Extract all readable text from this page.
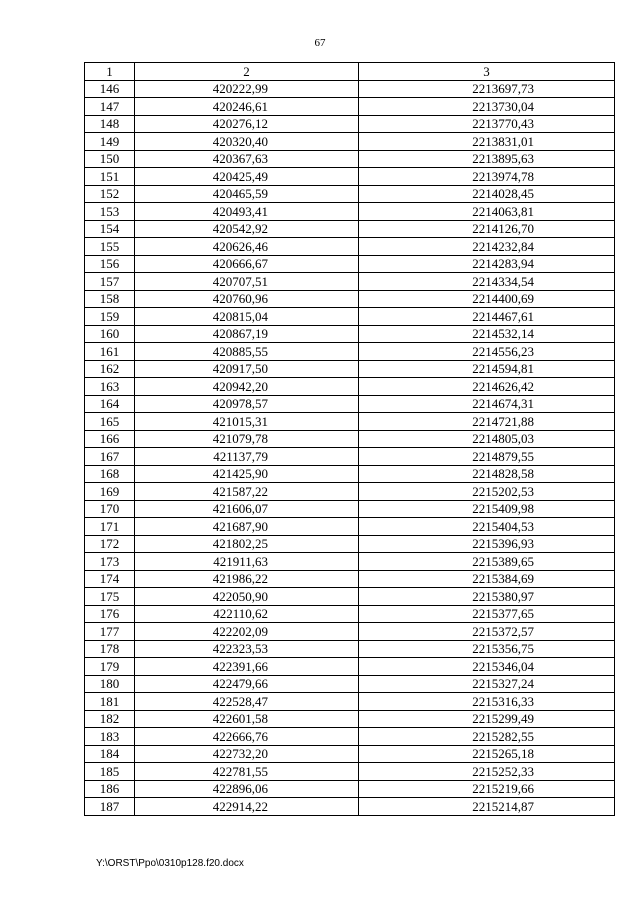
67
1	2	3
146	420222,99	2213697,73
147	420246,61	2213730,04
148	420276,12	2213770,43
149	420320,40	2213831,01
150	420367,63	2213895,63
151	420425,49	2213974,78
152	420465,59	2214028,45
153	420493,41	2214063,81
154	420542,92	2214126,70
155	420626,46	2214232,84
156	420666,67	2214283,94
157	420707,51	2214334,54
158	420760,96	2214400,69
159	420815,04	2214467,61
160	420867,19	2214532,14
161	420885,55	2214556,23
162	420917,50	2214594,81
163	420942,20	2214626,42
164	420978,57	2214674,31
165	421015,31	2214721,88
166	421079,78	2214805,03
167	421137,79	2214879,55
168	421425,90	2214828,58
169	421587,22	2215202,53
170	421606,07	2215409,98
171	421687,90	2215404,53
172	421802,25	2215396,93
173	421911,63	2215389,65
174	421986,22	2215384,69
175	422050,90	2215380,97
176	422110,62	2215377,65
177	422202,09	2215372,57
178	422323,53	2215356,75
179	422391,66	2215346,04
180	422479,66	2215327,24
181	422528,47	2215316,33
182	422601,58	2215299,49
183	422666,76	2215282,55
184	422732,20	2215265,18
185	422781,55	2215252,33
186	422896,06	2215219,66
187	422914,22	2215214,87
Y:\ORST\Ppo\0310p128.f20.docx
